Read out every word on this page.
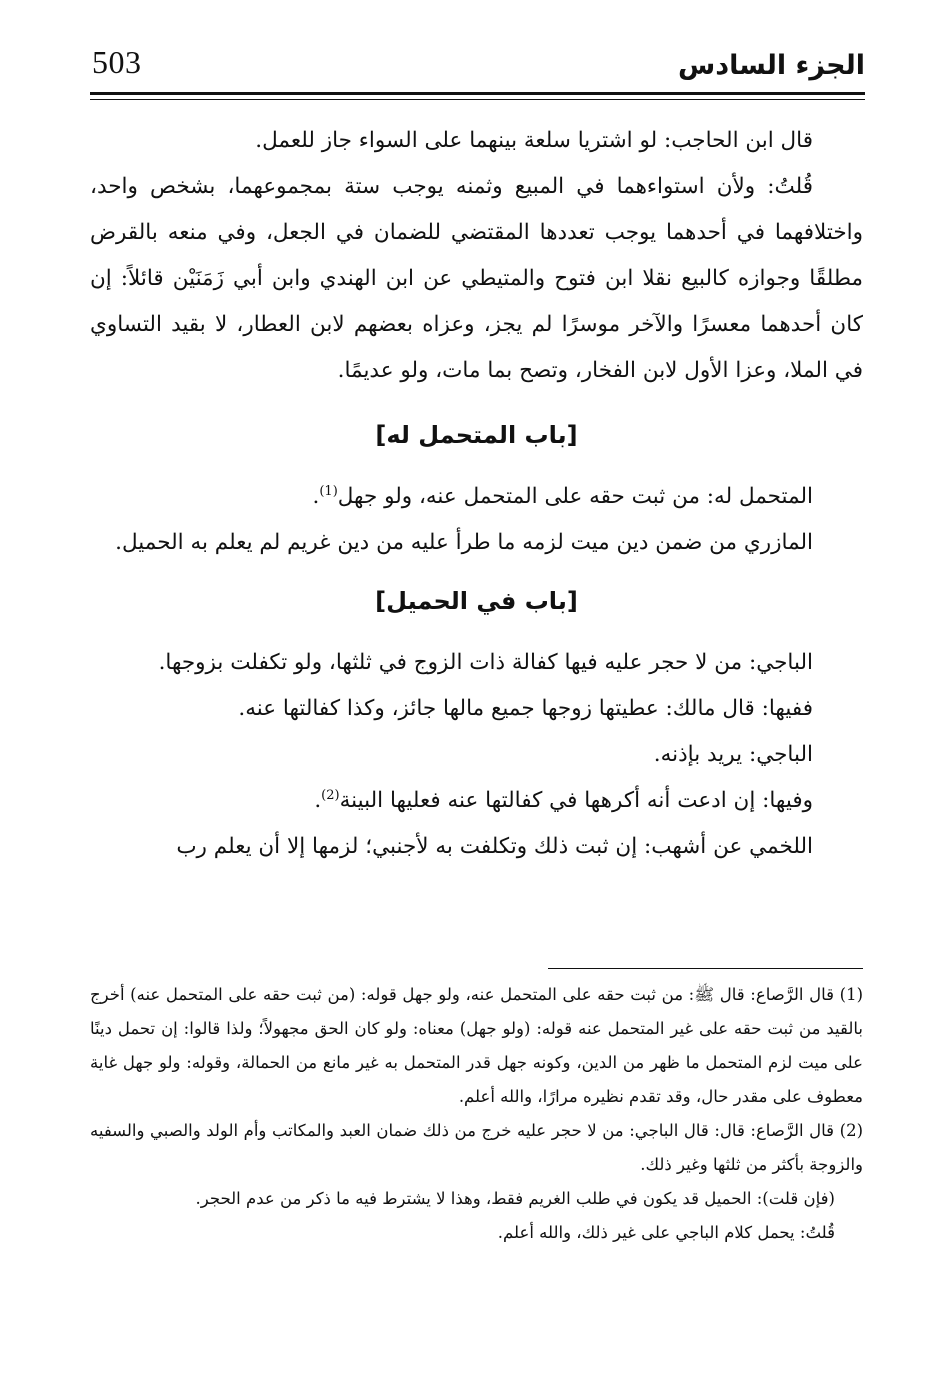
503	الجزء السادس

قال ابن الحاجب: لو اشتريا سلعة بينهما على السواء جاز للعمل.

قُلتُ: ولأن استواءهما في المبيع وثمنه يوجب ستة بمجموعهما، بشخص واحد، واختلافهما في أحدهما يوجب تعددها المقتضي للضمان في الجعل، وفي منعه بالقرض مطلقًا وجوازه كالبيع نقلا ابن فتوح والمتيطي عن ابن الهندي وابن أبي زَمَنَيْن قائلاً: إن كان أحدهما معسرًا والآخر موسرًا لم يجز، وعزاه بعضهم لابن العطار، لا بقيد التساوي في الملا، وعزا الأول لابن الفخار، وتصح بما مات، ولو عديمًا.

[باب المتحمل له]

المتحمل له: من ثبت حقه على المتحمل عنه، ولو جهل$^{(1)}$.

المازري من ضمن دين ميت لزمه ما طرأ عليه من دين غريم لم يعلم به الحميل.

[باب في الحميل]

الباجي: من لا حجر عليه فيها كفالة ذات الزوج في ثلثها، ولو تكفلت بزوجها.

ففيها: قال مالك: عطيتها زوجها جميع مالها جائز، وكذا كفالتها عنه.

الباجي: يريد بإذنه.

وفيها: إن ادعت أنه أكرهها في كفالتها عنه فعليها البينة$^{(2)}$.

اللخمي عن أشهب: إن ثبت ذلك وتكلفت به لأجنبي؛ لزمها إلا أن يعلم رب

(1) قال الرَّصاع: قال ﷺ: من ثبت حقه على المتحمل عنه، ولو جهل قوله: (من ثبت حقه على المتحمل عنه) أخرج بالقيد من ثبت حقه على غير المتحمل عنه قوله: (ولو جهل) معناه: ولو كان الحق مجهولاً؛ ولذا قالوا: إن تحمل دينًا على ميت لزم المتحمل ما ظهر من الدين، وكونه جهل قدر المتحمل به غير مانع من الحمالة، وقوله: ولو جهل غاية معطوف على مقدر حال، وقد تقدم نظيره مرارًا، والله أعلم.

(2) قال الرَّصاع: قال: قال الباجي: من لا حجر عليه خرج من ذلك ضمان العبد والمكاتب وأم الولد والصبي والسفيه والزوجة بأكثر من ثلثها وغير ذلك.

(فإن قلت): الحميل قد يكون في طلب الغريم فقط، وهذا لا يشترط فيه ما ذكر من عدم الحجر.

قُلتُ: يحمل كلام الباجي على غير ذلك، والله أعلم.
